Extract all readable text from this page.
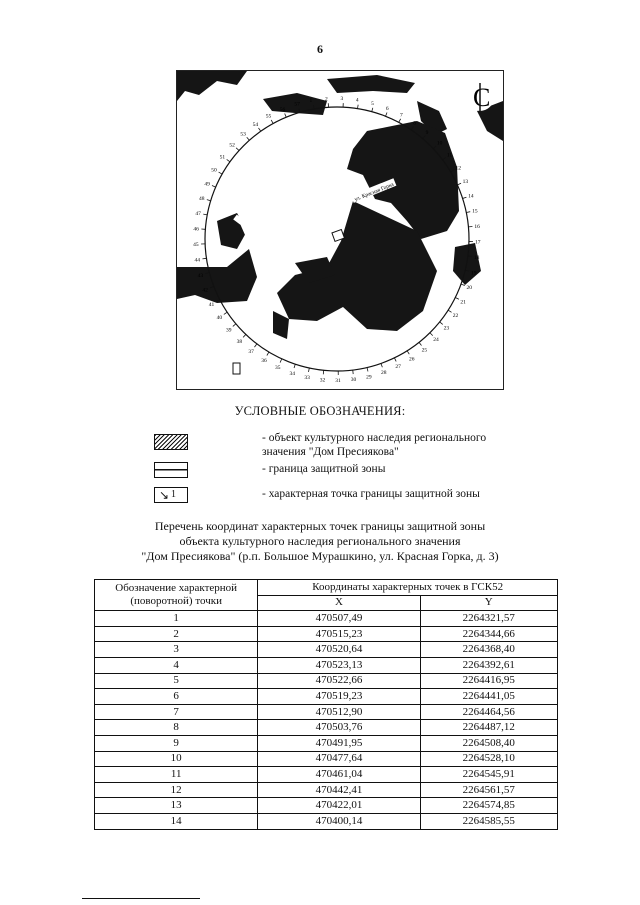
6
1 2 3 4
5
6
7
8
9
10
11
12
13
14
15
16
17
18
19
20
21
22
23
24
25
26
27
28
29
30
31
32
33
34
35
36
37
38
39
40
41
42
43
44
45
46
47
48
49
50
51
52
53
54
55
56
57
ул. Красная Горка
С
УСЛОВНЫЕ ОБОЗНАЧЕНИЯ:
- объект культурного наследия регионального
значения "Дом Пресиякова"
- граница защитной зоны
↘ 1	- характерная точка границы защитной зоны
Перечень координат характерных точек границы защитной зоны
объекта культурного наследия регионального значения
"Дом Пресиякова" (р.п. Большое Мурашкино, ул. Красная Горка, д. 3)
Обозначение характерной
(поворотной) точки	Координаты характерных точек в ГСК52	
	X	Y
1	470507,49	2264321,57
2	470515,23	2264344,66
3	470520,64	2264368,40
4	470523,13	2264392,61
5	470522,66	2264416,95
6	470519,23	2264441,05
7	470512,90	2264464,56
8	470503,76	2264487,12
9	470491,95	2264508,40
10	470477,64	2264528,10
11	470461,04	2264545,91
12	470442,41	2264561,57
13	470422,01	2264574,85
14	470400,14	2264585,55
